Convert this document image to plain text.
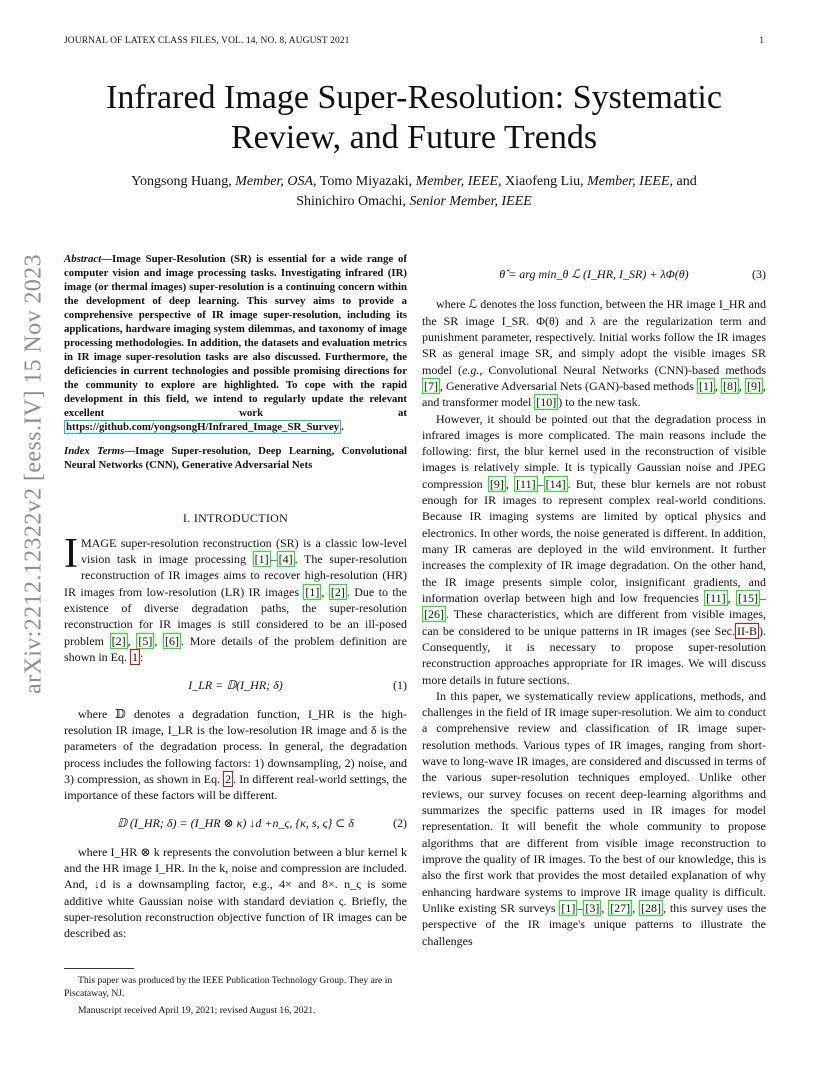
JOURNAL OF LATEX CLASS FILES, VOL. 14, NO. 8, AUGUST 2021	1
arXiv:2212.12322v2 [eess.IV] 15 Nov 2023
Infrared Image Super-Resolution: Systematic Review, and Future Trends
Yongsong Huang, Member, OSA, Tomo Miyazaki, Member, IEEE, Xiaofeng Liu, Member, IEEE, and
Shinichiro Omachi, Senior Member, IEEE
Abstract—Image Super-Resolution (SR) is essential for a wide range of computer vision and image processing tasks. Investigating infrared (IR) image (or thermal images) super-resolution is a continuing concern within the development of deep learning. This survey aims to provide a comprehensive perspective of IR image super-resolution, including its applications, hardware imaging system dilemmas, and taxonomy of image processing methodologies. In addition, the datasets and evaluation metrics in IR image super-resolution tasks are also discussed. Furthermore, the deficiencies in current technologies and possible promising directions for the community to explore are highlighted. To cope with the rapid development in this field, we intend to regularly update the relevant excellent work at https://github.com/yongsongH/Infrared_Image_SR_Survey .
Index Terms—Image Super-resolution, Deep Learning, Convolutional Neural Networks (CNN), Generative Adversarial Nets
I. INTRODUCTION

IMAGE super-resolution reconstruction (SR) is a classic low-level vision task in image processing [1] – [4] . The super-resolution reconstruction of IR images aims to recover high-resolution (HR) IR images from low-resolution (LR) IR images [1] , [2] . Due to the existence of diverse degradation paths, the super-resolution reconstruction for IR images is still considered to be an ill-posed problem [2] , [5] , [6] . More details of the problem definition are shown in Eq. 1 :

I_LR = 𝔻(I_HR; δ)	(1)

where 𝔻 denotes a degradation function, I_HR is the high-resolution IR image, I_LR is the low-resolution IR image and δ is the parameters of the degradation process. In general, the degradation process includes the following factors: 1) downsampling, 2) noise, and 3) compression, as shown in Eq. 2 . In different real-world settings, the importance of these factors will be different.

𝔻 (I_HR; δ) = (I_HR ⊗ κ) ↓d +n_ς, {κ, s, ς} ⊂ δ	(2)

where I_HR ⊗ k represents the convolution between a blur kernel k and the HR image I_HR. In the k, noise and compression are included. And, ↓d is a downsampling factor, e.g., 4× and 8×. n_ς is some additive white Gaussian noise with standard deviation ς. Briefly, the super-resolution reconstruction objective function of IR images can be described as:

This paper was produced by the IEEE Publication Technology Group. They are in Piscataway, NJ.

Manuscript received April 19, 2021; revised August 16, 2021.

θ̂ = arg min_θ ℒ (I_HR, I_SR) + λΦ(θ)	(3)

where ℒ denotes the loss function, between the HR image I_HR and the SR image I_SR. Φ(θ) and λ are the regularization term and punishment parameter, respectively. Initial works follow the IR images SR as general image SR, and simply adopt the visible images SR model (e.g., Convolutional Neural Networks (CNN)-based methods [7] , Generative Adversarial Nets (GAN)-based methods [1] , [8] , [9] , and transformer model [10] ) to the new task.

However, it should be pointed out that the degradation process in infrared images is more complicated. The main reasons include the following: first, the blur kernel used in the reconstruction of visible images is relatively simple. It is typically Gaussian noise and JPEG compression [9] , [11] – [14] . But, these blur kernels are not robust enough for IR images to represent complex real-world conditions. Because IR imaging systems are limited by optical physics and electronics. In other words, the noise generated is different. In addition, many IR cameras are deployed in the wild environment. It further increases the complexity of IR image degradation. On the other hand, the IR image presents simple color, insignificant gradients, and information overlap between high and low frequencies [11] , [15] –[26] . These characteristics, which are different from visible images, can be considered to be unique patterns in IR images (see Sec. II-B ). Consequently, it is necessary to propose super-resolution reconstruction approaches appropriate for IR images. We will discuss more details in future sections.

In this paper, we systematically review applications, methods, and challenges in the field of IR image super-resolution. We aim to conduct a comprehensive review and classification of IR image super-resolution methods. Various types of IR images, ranging from short-wave to long-wave IR images, are considered and discussed in terms of the various super-resolution techniques employed. Unlike other reviews, our survey focuses on recent deep-learning algorithms and summarizes the specific patterns used in IR images for model representation. It will benefit the whole community to propose algorithms that are different from visible image reconstruction to improve the quality of IR images. To the best of our knowledge, this is also the first work that provides the most detailed explanation of why enhancing hardware systems to improve IR image quality is difficult. Unlike existing SR surveys [1] – [3] , [27] , [28] , this survey uses the perspective of the IR image's unique patterns to illustrate the challenges
